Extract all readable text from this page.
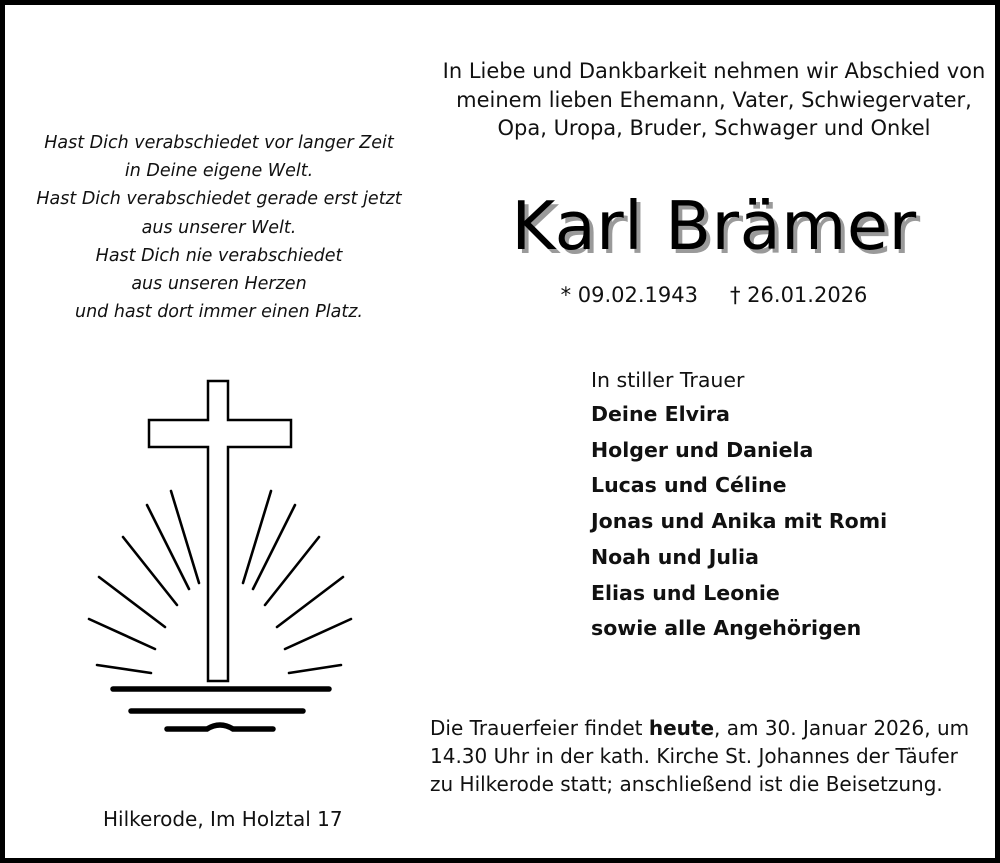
Hast Dich verabschiedet vor langer Zeit
in Deine eigene Welt.
Hast Dich verabschiedet gerade erst jetzt
aus unserer Welt.
Hast Dich nie verabschiedet
aus unseren Herzen
und hast dort immer einen Platz.
In Liebe und Dankbarkeit nehmen wir Abschied von
meinem lieben Ehemann, Vater, Schwiegervater,
Opa, Uropa, Bruder, Schwager und Onkel
Karl Brämer
* 09.02.1943 † 26.01.2026
In stiller Trauer
Deine Elvira
Holger und Daniela
Lucas und Céline
Jonas und Anika mit Romi
Noah und Julia
Elias und Leonie
sowie alle Angehörigen
Die Trauerfeier findet heute, am 30. Januar 2026, um
14.30 Uhr in der kath. Kirche St. Johannes der Täufer
zu Hilkerode statt; anschließend ist die Beisetzung.
Hilkerode, Im Holztal 17
